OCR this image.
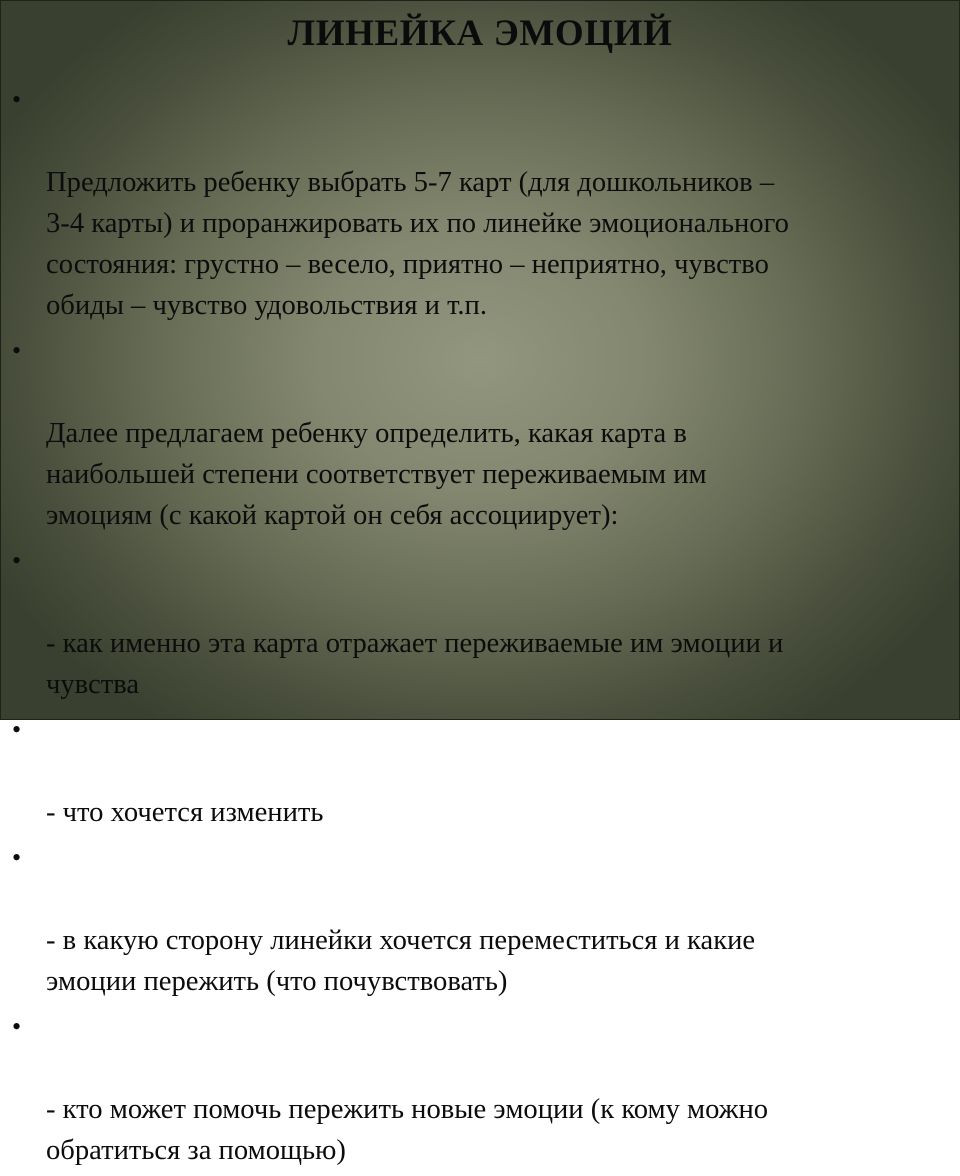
ЛИНЕЙКА ЭМОЦИЙ

•

Предложить ребенку выбрать 5-7 карт (для дошкольников –
3-4 карты) и проранжировать их по линейке эмоционального
состояния: грустно – весело, приятно – неприятно, чувство
обиды – чувство удовольствия и т.п.

•

Далее предлагаем ребенку определить, какая карта в
наибольшей степени соответствует переживаемым им
эмоциям (с какой картой он себя ассоциирует):

•

- как именно эта карта отражает переживаемые им эмоции и
чувства

•

- что хочется изменить

•

- в какую сторону линейки хочется переместиться и какие
эмоции пережить (что почувствовать)

•

- кто может помочь пережить новые эмоции (к кому можно
обратиться за помощью)
